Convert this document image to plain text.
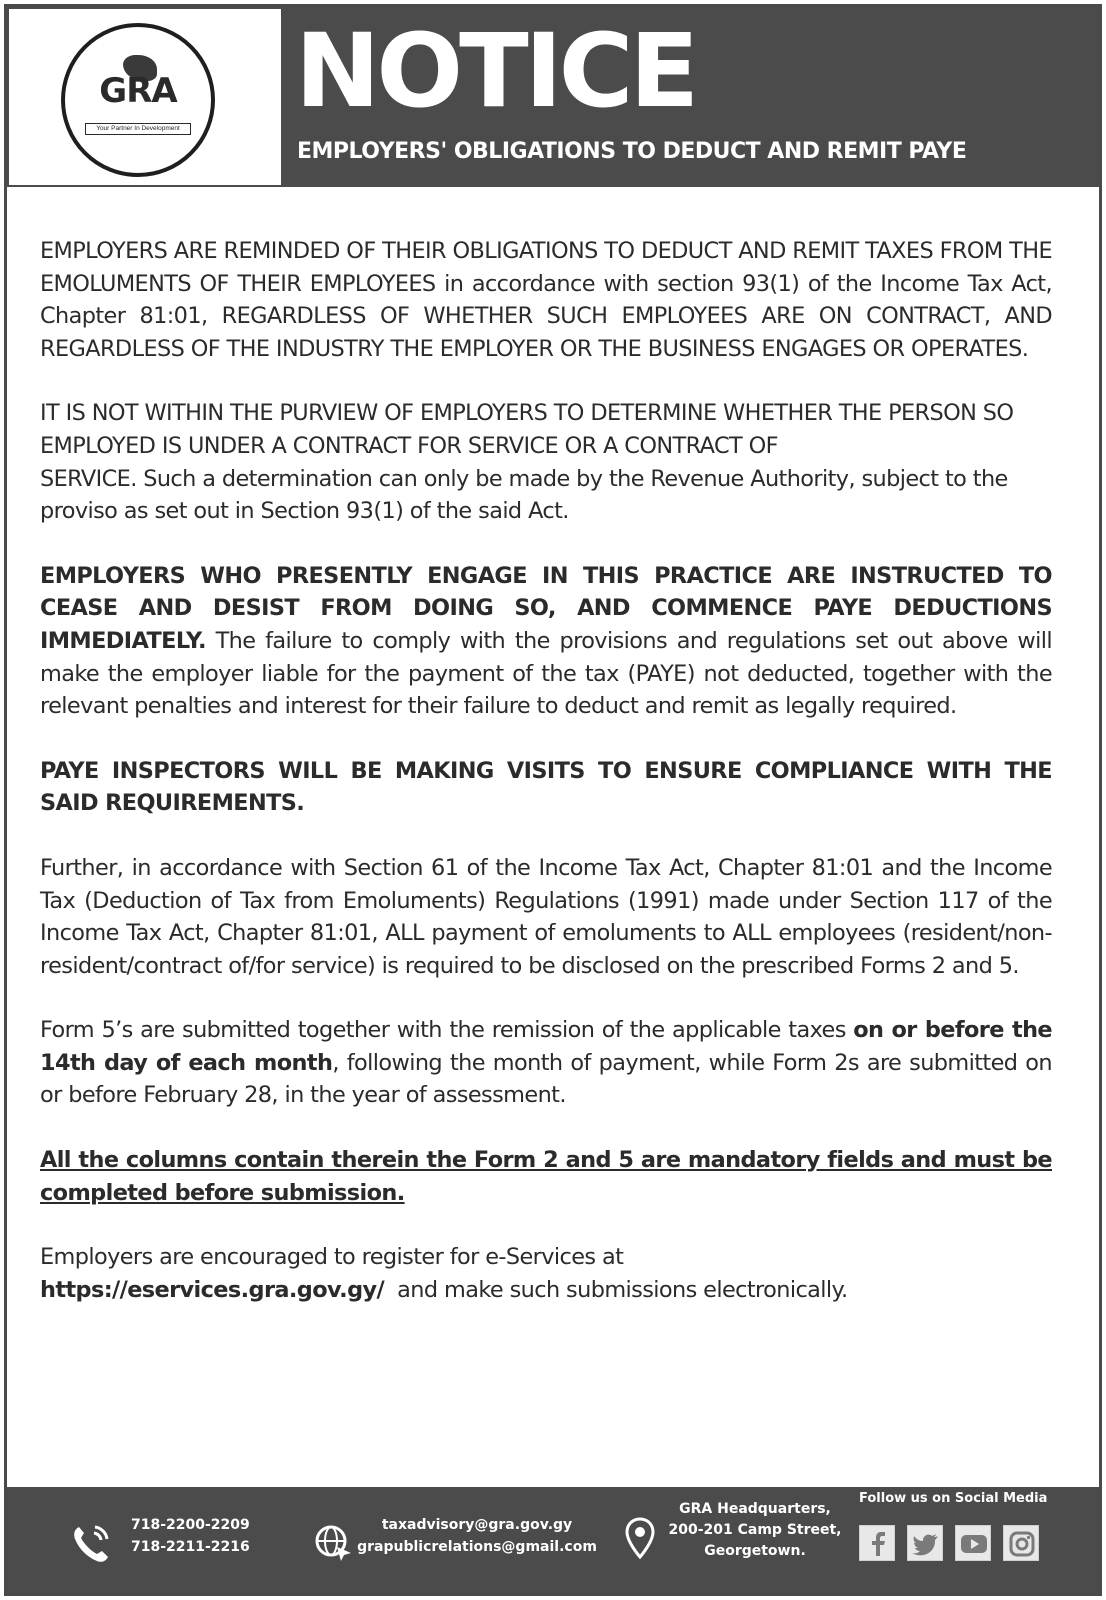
GRA
Your Partner In Development NOTICE
EMPLOYERS' OBLIGATIONS TO DEDUCT AND REMIT PAYE

EMPLOYERS ARE REMINDED OF THEIR OBLIGATIONS TO DEDUCT AND REMIT TAXES FROM THE EMOLUMENTS OF THEIR EMPLOYEES in accordance with section 93(1) of the Income Tax Act, Chapter 81:01, REGARDLESS OF WHETHER SUCH EMPLOYEES ARE ON CONTRACT, AND REGARDLESS OF THE INDUSTRY THE EMPLOYER OR THE BUSINESS ENGAGES OR OPERATES.

IT IS NOT WITHIN THE PURVIEW OF EMPLOYERS TO DETERMINE WHETHER THE PERSON SO
EMPLOYED IS UNDER A CONTRACT FOR SERVICE OR A CONTRACT OF
SERVICE. Such a determination can only be made by the Revenue Authority, subject to the proviso as set out in Section 93(1) of the said Act.

EMPLOYERS WHO PRESENTLY ENGAGE IN THIS PRACTICE ARE INSTRUCTED TO CEASE AND DESIST FROM DOING SO, AND COMMENCE PAYE DEDUCTIONS IMMEDIATELY. The failure to comply with the provisions and regulations set out above will make the employer liable for the payment of the tax (PAYE) not deducted, together with the relevant penalties and interest for their failure to deduct and remit as legally required.

PAYE INSPECTORS WILL BE MAKING VISITS TO ENSURE COMPLIANCE WITH THE SAID REQUIREMENTS.

Further, in accordance with Section 61 of the Income Tax Act, Chapter 81:01 and the Income Tax (Deduction of Tax from Emoluments) Regulations (1991) made under Section 117 of the Income Tax Act, Chapter 81:01, ALL payment of emoluments to ALL employees (resident/non-resident/contract of/for service) is required to be disclosed on the prescribed Forms 2 and 5.

Form 5’s are submitted together with the remission of the applicable taxes on or before the 14th day of each month, following the month of payment, while Form 2s are submitted on or before February 28, in the year of assessment.

All the columns contain therein the Form 2 and 5 are mandatory fields and must be completed before submission.

Employers are encouraged to register for e-Services at
https://eservices.gra.gov.gy/ and make such submissions electronically.

718-2200-2209
718-2211-2216
taxadvisory@gra.gov.gy
grapublicrelations@gmail.com
GRA Headquarters,
200-201 Camp Street,
Georgetown.
Follow us on Social Media
